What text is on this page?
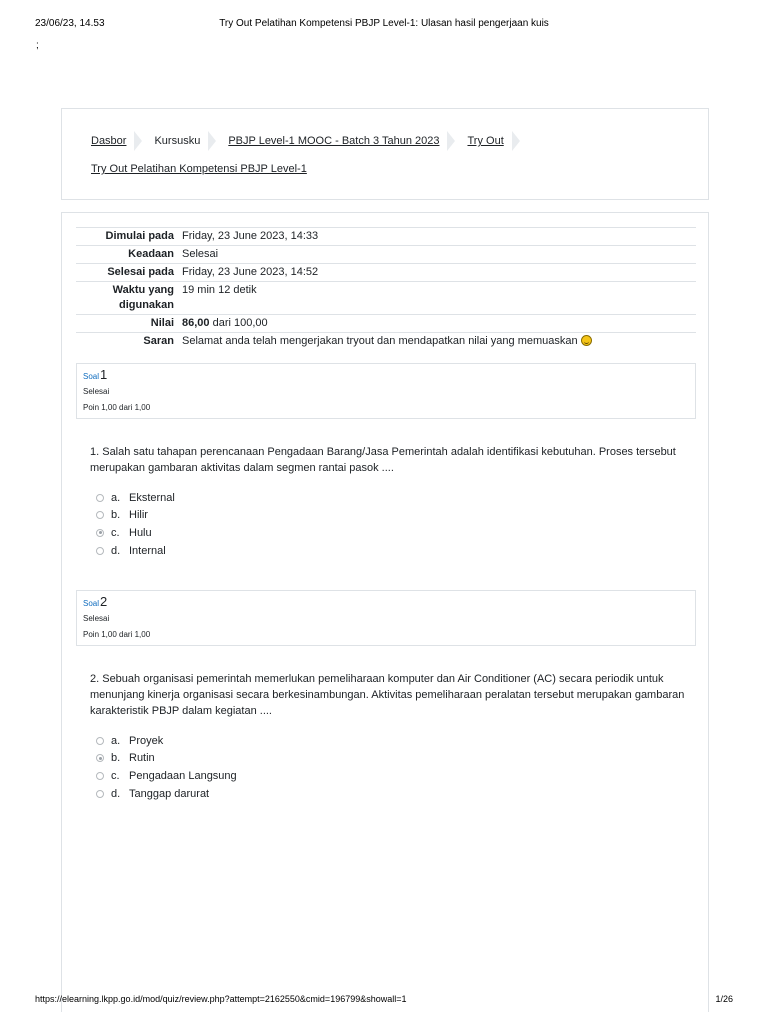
23/06/23, 14.53	Try Out Pelatihan Kompetensi PBJP Level-1: Ulasan hasil pengerjaan kuis
;
Dasbor	Kursusku	PBJP Level-1 MOOC - Batch 3 Tahun 2023	Try Out
Try Out Pelatihan Kompetensi PBJP Level-1
Dimulai pada	Friday, 23 June 2023, 14:33
Keadaan	Selesai
Selesai pada	Friday, 23 June 2023, 14:52
Waktu yang digunakan	19 min 12 detik
Nilai	86,00 dari 100,00
Saran	Selamat anda telah mengerjakan tryout dan mendapatkan nilai yang memuaskan
Soal1
Selesai
Poin 1,00 dari 1,00
1. Salah satu tahapan perencanaan Pengadaan Barang/Jasa Pemerintah adalah identifikasi kebutuhan. Proses tersebut merupakan gambaran aktivitas dalam segmen rantai pasok ....
a. Eksternal
b. Hilir
c. Hulu
d. Internal
Soal2
Selesai
Poin 1,00 dari 1,00
2. Sebuah organisasi pemerintah memerlukan pemeliharaan komputer dan Air Conditioner (AC) secara periodik untuk menunjang kinerja organisasi secara berkesinambungan. Aktivitas pemeliharaan peralatan tersebut merupakan gambaran karakteristik PBJP dalam kegiatan ....
a. Proyek
b. Rutin
c. Pengadaan Langsung
d. Tanggap darurat
https://elearning.lkpp.go.id/mod/quiz/review.php?attempt=2162550&cmid=196799&showall=1	1/26
